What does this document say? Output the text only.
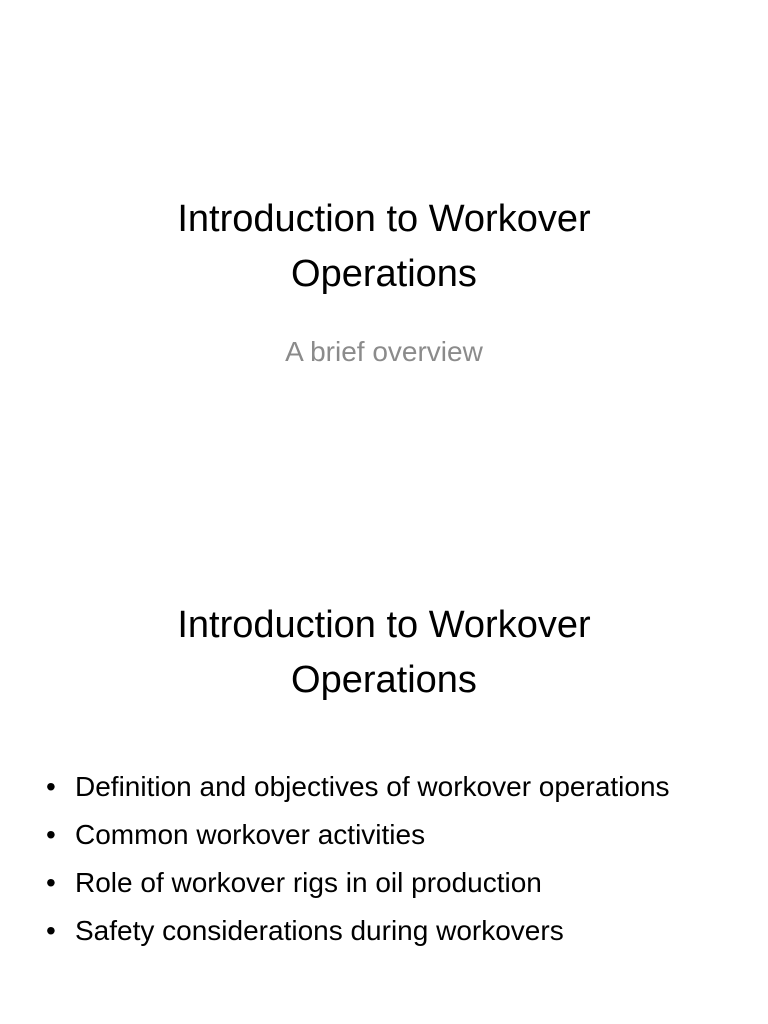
Introduction to Workover Operations

A brief overview

Introduction to Workover Operations
• Definition and objectives of workover operations
• Common workover activities
• Role of workover rigs in oil production
• Safety considerations during workovers
